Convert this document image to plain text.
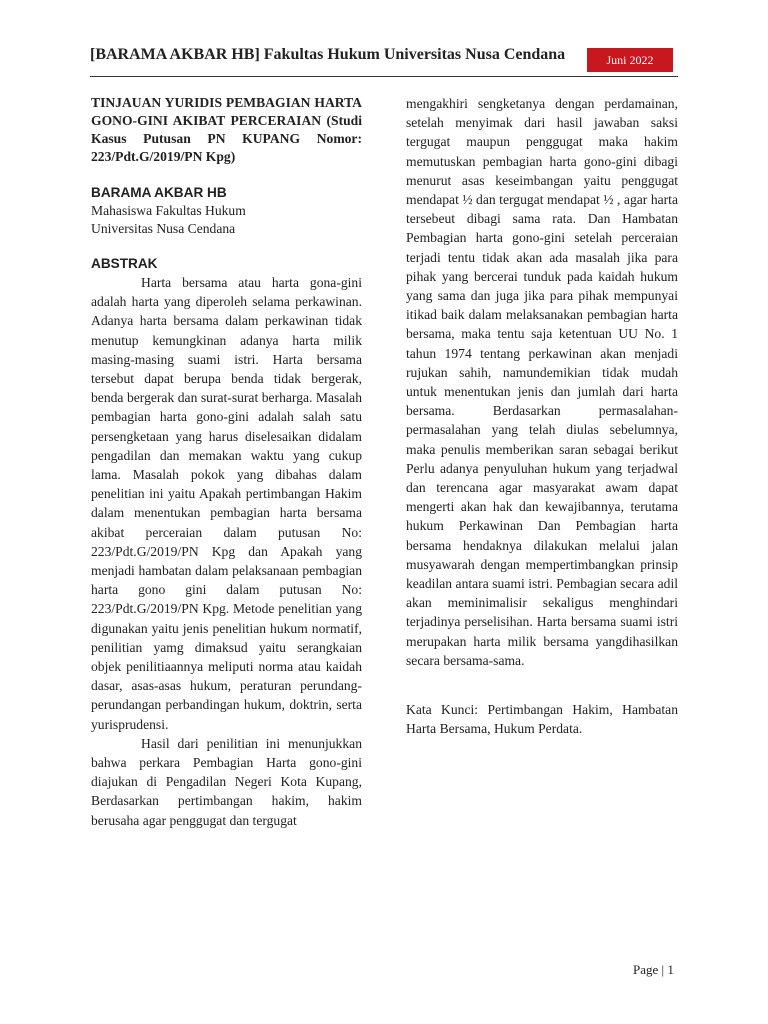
[BARAMA AKBAR HB] Fakultas Hukum Universitas Nusa Cendana	Juni 2022

TINJAUAN YURIDIS PEMBAGIAN HARTA GONO-GINI AKIBAT PERCERAIAN (Studi Kasus Putusan PN KUPANG Nomor: 223/Pdt.G/2019/PN Kpg)

BARAMA AKBAR HB

Mahasiswa Fakultas Hukum

Universitas Nusa Cendana

ABSTRAK

Harta bersama atau harta gona-gini adalah harta yang diperoleh selama perkawinan. Adanya harta bersama dalam perkawinan tidak menutup kemungkinan adanya harta milik masing-masing suami istri. Harta bersama tersebut dapat berupa benda tidak bergerak, benda bergerak dan surat-surat berharga. Masalah pembagian harta gono-gini adalah salah satu persengketaan yang harus diselesaikan didalam pengadilan dan memakan waktu yang cukup lama. Masalah pokok yang dibahas dalam penelitian ini yaitu Apakah pertimbangan Hakim dalam menentukan pembagian harta bersama akibat perceraian dalam putusan No: 223/Pdt.G/2019/PN Kpg dan Apakah yang menjadi hambatan dalam pelaksanaan pembagian harta gono gini dalam putusan No: 223/Pdt.G/2019/PN Kpg. Metode penelitian yang digunakan yaitu jenis penelitian hukum normatif, penilitian yamg dimaksud yaitu serangkaian objek penilitiaannya meliputi norma atau kaidah dasar, asas-asas hukum, peraturan perundang- perundangan perbandingan hukum, doktrin, serta yurisprudensi.

Hasil dari penilitian ini menunjukkan bahwa perkara Pembagian Harta gono-gini diajukan di Pengadilan Negeri Kota Kupang, Berdasarkan pertimbangan hakim, hakim berusaha agar penggugat dan tergugat

mengakhiri sengketanya dengan perdamainan, setelah menyimak dari hasil jawaban saksi tergugat maupun penggugat maka hakim memutuskan pembagian harta gono-gini dibagi menurut asas keseimbangan yaitu penggugat mendapat ½ dan tergugat mendapat ½ , agar harta tersebeut dibagi sama rata. Dan Hambatan Pembagian harta gono-gini setelah perceraian terjadi tentu tidak akan ada masalah jika para pihak yang bercerai tunduk pada kaidah hukum yang sama dan juga jika para pihak mempunyai itikad baik dalam melaksanakan pembagian harta bersama, maka tentu saja ketentuan UU No. 1 tahun 1974 tentang perkawinan akan menjadi rujukan sahih, namundemikian tidak mudah untuk menentukan jenis dan jumlah dari harta bersama. Berdasarkan permasalahan-permasalahan yang telah diulas sebelumnya, maka penulis memberikan saran sebagai berikut Perlu adanya penyuluhan hukum yang terjadwal dan terencana agar masyarakat awam dapat mengerti akan hak dan kewajibannya, terutama hukum Perkawinan Dan Pembagian harta bersama hendaknya dilakukan melalui jalan musyawarah dengan mempertimbangkan prinsip keadilan antara suami istri. Pembagian secara adil akan meminimalisir sekaligus menghindari terjadinya perselisihan. Harta bersama suami istri merupakan harta milik bersama yangdihasilkan secara bersama-sama.

Kata Kunci: Pertimbangan Hakim, Hambatan Harta Bersama, Hukum Perdata.

Page | 1
